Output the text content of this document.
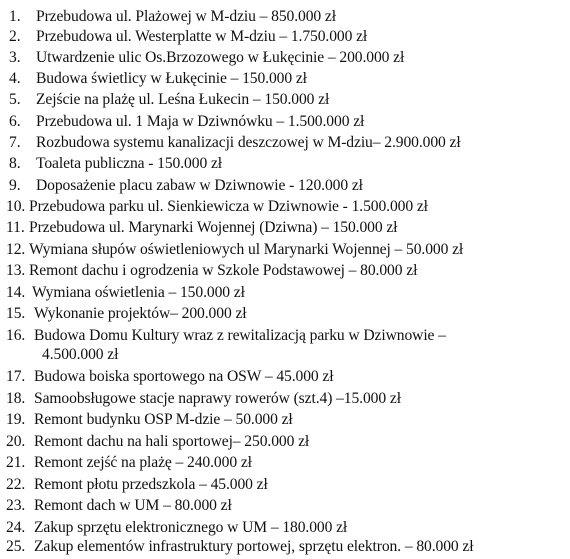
1. Przebudowa ul. Plażowej w M-dziu – 850.000 zł
2. Przebudowa ul. Westerplatte w M-dziu – 1.750.000 zł
3. Utwardzenie ulic Os.Brzozowego w Łukęcinie – 200.000 zł
4. Budowa świetlicy w Łukęcinie – 150.000 zł
5. Zejście na plażę ul. Leśna Łukecin – 150.000 zł
6. Przebudowa ul. 1 Maja w Dziwnówku – 1.500.000 zł
7. Rozbudowa systemu kanalizacji deszczowej w M-dziu– 2.900.000 zł
8. Toaleta publiczna - 150.000 zł
9. Doposażenie placu zabaw w Dziwnowie - 120.000 zł
10. Przebudowa parku ul. Sienkiewicza w Dziwnowie - 1.500.000 zł
11. Przebudowa ul. Marynarki Wojennej (Dziwna) – 150.000 zł
12. Wymiana słupów oświetleniowych ul Marynarki Wojennej – 50.000 zł
13. Remont dachu i ogrodzenia w Szkole Podstawowej – 80.000 zł
14. Wymiana oświetlenia – 150.000 zł
15. Wykonanie projektów– 200.000 zł
16. Budowa Domu Kultury wraz z rewitalizacją parku w Dziwnowie –
4.500.000 zł
17. Budowa boiska sportowego na OSW – 45.000 zł
18. Samoobsługowe stacje naprawy rowerów (szt.4) –15.000 zł
19. Remont budynku OSP M-dzie – 50.000 zł
20. Remont dachu na hali sportowej– 250.000 zł
21. Remont zejść na plażę – 240.000 zł
22. Remont płotu przedszkola – 45.000 zł
23. Remont dach w UM – 80.000 zł
24. Zakup sprzętu elektronicznego w UM – 180.000 zł
25. Zakup elementów infrastruktury portowej, sprzętu elektron. – 80.000 zł
